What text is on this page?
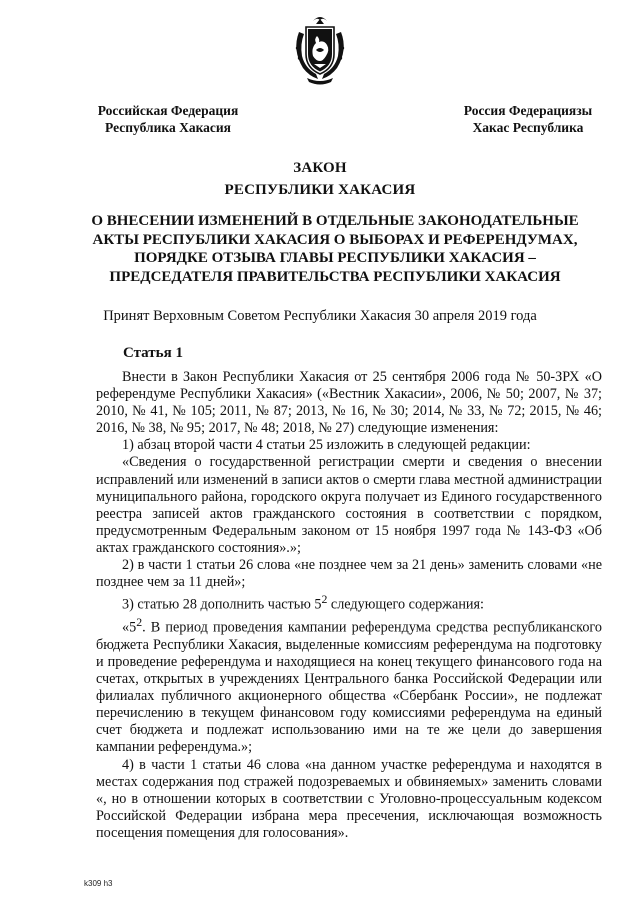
Российская Федерация
Республика Хакасия
Россия Федерациязы
Хакас Республика
ЗАКОН
РЕСПУБЛИКИ ХАКАСИЯ
О ВНЕСЕНИИ ИЗМЕНЕНИЙ В ОТДЕЛЬНЫЕ ЗАКОНОДАТЕЛЬНЫЕ
АКТЫ РЕСПУБЛИКИ ХАКАСИЯ О ВЫБОРАХ И РЕФЕРЕНДУМАХ,
ПОРЯДКЕ ОТЗЫВА ГЛАВЫ РЕСПУБЛИКИ ХАКАСИЯ –
ПРЕДСЕДАТЕЛЯ ПРАВИТЕЛЬСТВА РЕСПУБЛИКИ ХАКАСИЯ
Принят Верховным Советом Республики Хакасия 30 апреля 2019 года
Статья 1

Внести в Закон Республики Хакасия от 25 сентября 2006 года № 50-ЗРХ «О референдуме Республики Хакасия» («Вестник Хакасии», 2006, № 50; 2007, № 37; 2010, № 41, № 105; 2011, № 87; 2013, № 16, № 30; 2014, № 33, № 72; 2015, № 46; 2016, № 38, № 95; 2017, № 48; 2018, № 27) следующие изменения:

1) абзац второй части 4 статьи 25 изложить в следующей редакции:

«Сведения о государственной регистрации смерти и сведения о внесении исправлений или изменений в записи актов о смерти глава местной администрации муниципального района, городского округа получает из Единого государственного реестра записей актов гражданского состояния в соответствии с порядком, предусмотренным Федеральным законом от 15 ноября 1997 года № 143-ФЗ «Об актах гражданского состояния».»;

2) в части 1 статьи 26 слова «не позднее чем за 21 день» заменить словами «не позднее чем за 11 дней»;

3) статью 28 дополнить частью $5^2$ следующего содержания:

«$5^2$. В период проведения кампании референдума средства республиканского бюджета Республики Хакасия, выделенные комиссиям референдума на подготовку и проведение референдума и находящиеся на конец текущего финансового года на счетах, открытых в учреждениях Центрального банка Российской Федерации или филиалах публичного акционерного общества «Сбербанк России», не подлежат перечислению в текущем финансовом году комиссиями референдума на единый счет бюджета и подлежат использованию ими на те же цели до завершения кампании референдума.»;

4) в части 1 статьи 46 слова «на данном участке референдума и находятся в местах содержания под стражей подозреваемых и обвиняемых» заменить словами «, но в отношении которых в соответствии с Уголовно-процессуальным кодексом Российской Федерации избрана мера пресечения, исключающая возможность посещения помещения для голосования».

k309 h3
